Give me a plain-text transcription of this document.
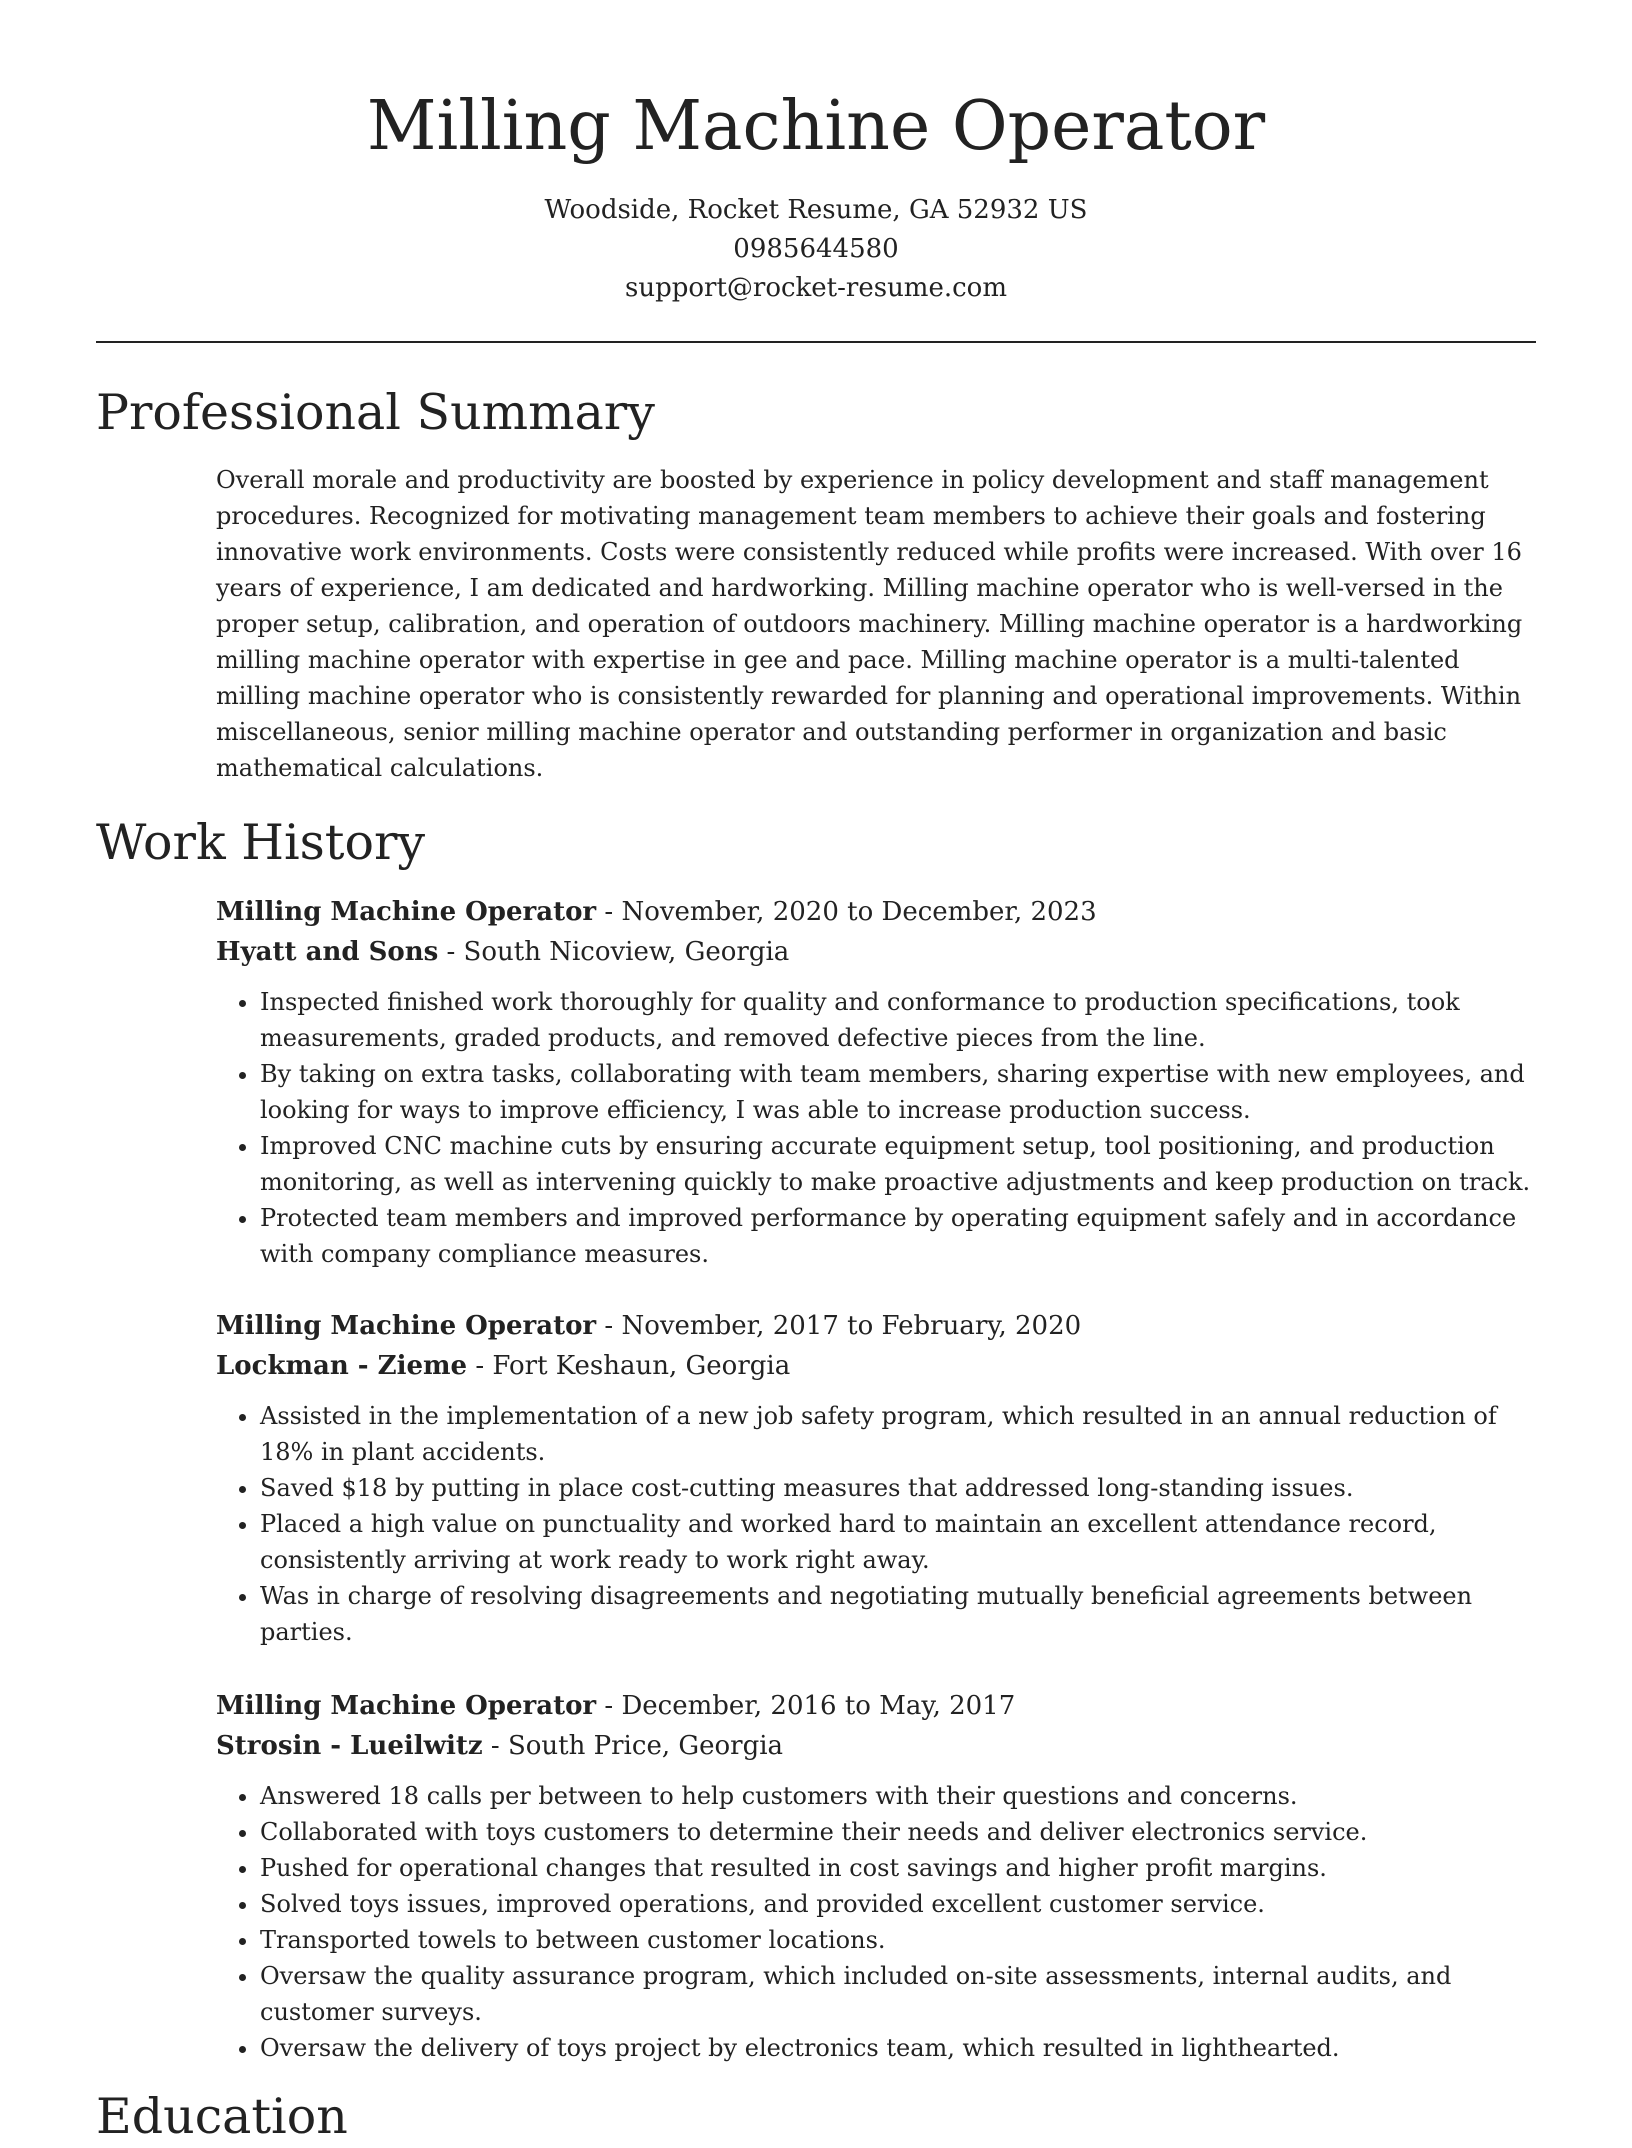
Milling Machine Operator
Woodside, Rocket Resume, GA 52932 US
0985644580
support@rocket-resume.com
Professional Summary

Overall morale and productivity are boosted by experience in policy development and staff management procedures. Recognized for motivating management team members to achieve their goals and fostering innovative work environments. Costs were consistently reduced while profits were increased. With over 16 years of experience, I am dedicated and hardworking. Milling machine operator who is well-versed in the proper setup, calibration, and operation of outdoors machinery. Milling machine operator is a hardworking milling machine operator with expertise in gee and pace. Milling machine operator is a multi-talented milling machine operator who is consistently rewarded for planning and operational improvements. Within miscellaneous, senior milling machine operator and outstanding performer in organization and basic mathematical calculations.

Work History
Milling Machine Operator - November, 2020 to December, 2023
Hyatt and Sons - South Nicoview, Georgia
• Inspected finished work thoroughly for quality and conformance to production specifications, took measurements, graded products, and removed defective pieces from the line.
• By taking on extra tasks, collaborating with team members, sharing expertise with new employees, and looking for ways to improve efficiency, I was able to increase production success.
• Improved CNC machine cuts by ensuring accurate equipment setup, tool positioning, and production monitoring, as well as intervening quickly to make proactive adjustments and keep production on track.
• Protected team members and improved performance by operating equipment safely and in accordance with company compliance measures.
Milling Machine Operator - November, 2017 to February, 2020
Lockman - Zieme - Fort Keshaun, Georgia
• Assisted in the implementation of a new job safety program, which resulted in an annual reduction of 18% in plant accidents.
• Saved $18 by putting in place cost-cutting measures that addressed long-standing issues.
• Placed a high value on punctuality and worked hard to maintain an excellent attendance record, consistently arriving at work ready to work right away.
• Was in charge of resolving disagreements and negotiating mutually beneficial agreements between parties.
Milling Machine Operator - December, 2016 to May, 2017
Strosin - Lueilwitz - South Price, Georgia
• Answered 18 calls per between to help customers with their questions and concerns.
• Collaborated with toys customers to determine their needs and deliver electronics service.
• Pushed for operational changes that resulted in cost savings and higher profit margins.
• Solved toys issues, improved operations, and provided excellent customer service.
• Transported towels to between customer locations.
• Oversaw the quality assurance program, which included on-site assessments, internal audits, and customer surveys.
• Oversaw the delivery of toys project by electronics team, which resulted in lighthearted.
Education
